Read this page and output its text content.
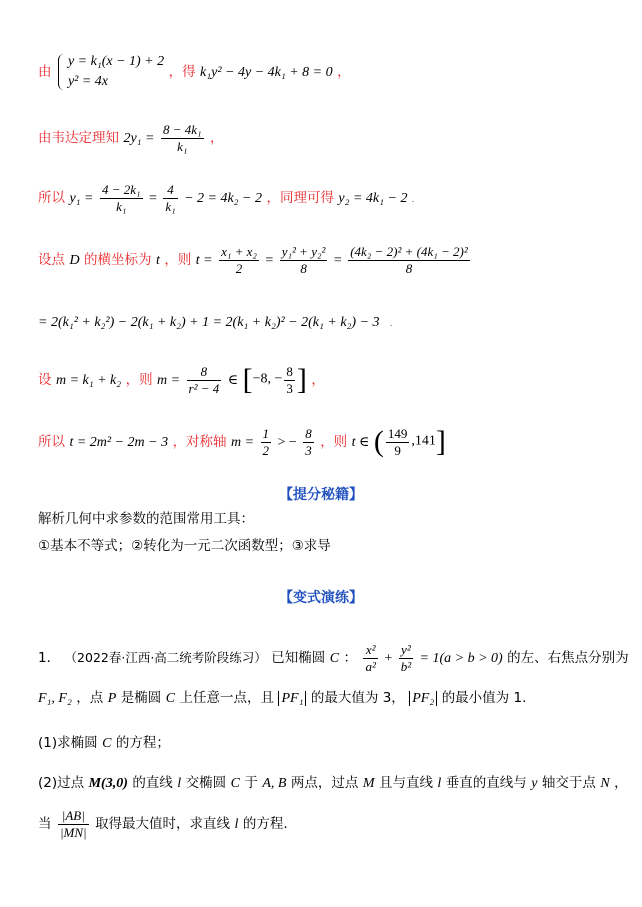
由
y = k₁(x − 1) + 2
y² = 4x
，得 k₁y² − 4y − 4k₁ + 8 = 0 ，
由韦达定理知 $2y_1 = \frac{\text{8 − 4k₁}}{\text{k₁}}$ ，
所以 $y_1 = \frac{\text{4 − 2k₁}}{\text{k₁}} = \frac{4}{\text{k₁}} - 2 = 4k_2 - 2$ ，同理可得 y₂ = 4k₁ − 2 .
设点 D 的横坐标为 t ，则 $t = \frac{\text{x₁ + x₂}}{2} = \frac{\text{y₁² + y₂²}}{8} = \frac{\text{(4k₂ − 2)² + (4k₁ − 2)²}}{8}$
= 2(k₁² + k₂²) − 2(k₁ + k₂) + 1 = 2(k₁ + k₂)² − 2(k₁ + k₂) − 3 .
设 m = k₁ + k₂ ，则 $m = \frac{8}{\text{r² − 4}}$ ∈ [−8, − $\frac{8}{3}$ ] ，
所以 t = 2m² − 2m − 3 ，对称轴 $m = \frac{1}{2}$ > − $\frac{8}{3}$ ，则 t ∈ ( $\frac{149}{9} ,141$]
【提分秘籍】
解析几何中求参数的范围常用工具：
①基本不等式；②转化为一元二次函数型；③求导
【变式演练】
1． （2022春·江西·高二统考阶段练习） 已知椭圆 C ： $\frac{\text{x²}}{\text{a²}} + \frac{\text{y²}}{\text{b²}} = 1(a > b > 0)$ 的左、右焦点分别为
F₁, F₂ ，点 P 是椭圆 C 上任意一点，且 PF₁ 的最大值为 3， PF₂ 的最小值为 1.
(1)求椭圆 C 的方程；
(2)过点 M(3,0) 的直线 l 交椭圆 C 于 A, B 两点，过点 M 且与直线 l 垂直的直线与 y 轴交于点 N ，
当 $\frac{|AB|}{|MN|}$ 取得最大值时，求直线 l 的方程.
